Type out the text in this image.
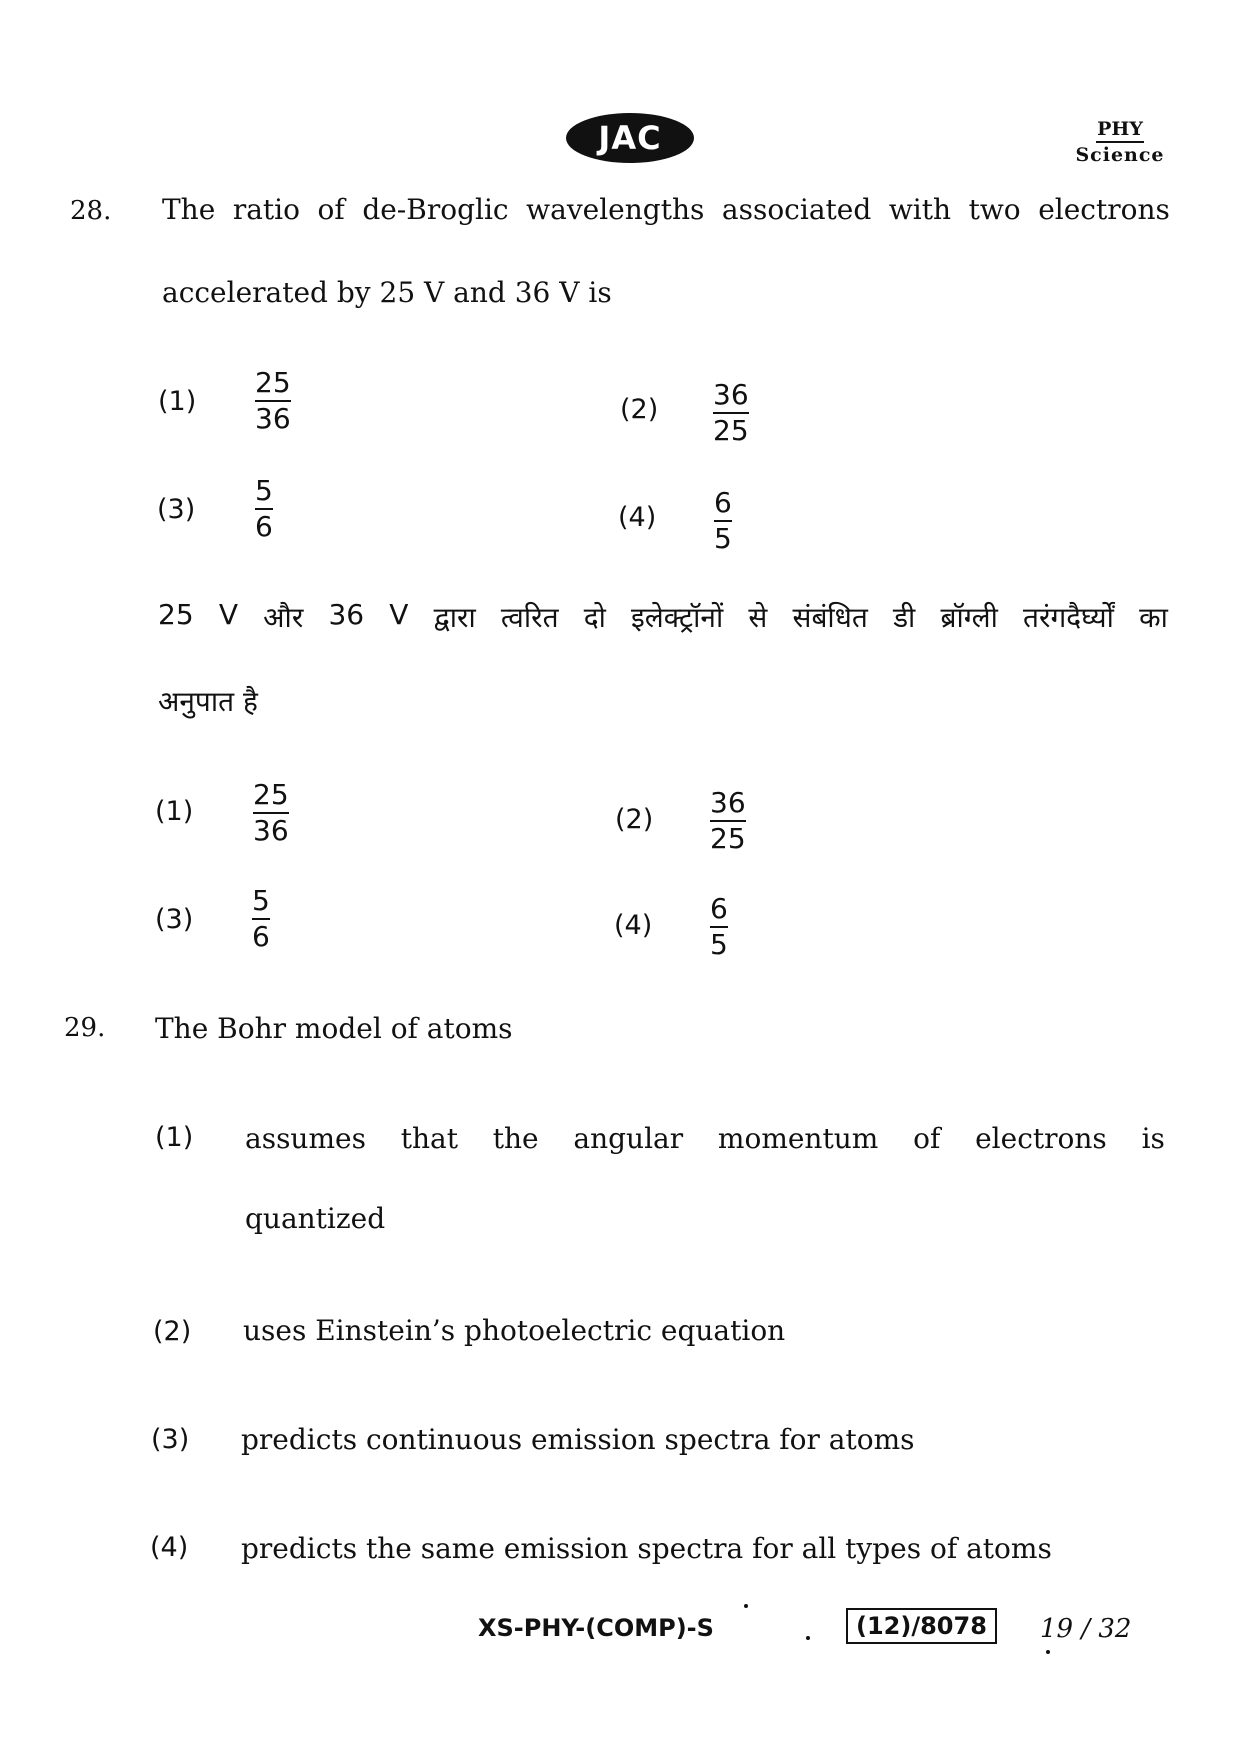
JAC	PHY
Science
28. The ratio of de-Broglic wavelengths associated with two electrons
accelerated by 25 V and 36 V is
(1)
25
36	(2) 36
25
(3)
5
6	(4) 6
5
25 V और 36 V द्वारा त्वरित दो इलेक्ट्रॉनों से संबंधित डी ब्रॉग्ली तरंगदैर्घ्यों का
अनुपात है
(1)
25
36	(2)
36
25
(3)
5
6	(4)
6
5
29. The Bohr model of atoms
(1) assumes that the angular momentum of electrons is
quantized
(2) uses Einstein’s photoelectric equation
(3) predicts continuous emission spectra for atoms
(4) predicts the same emission spectra for all types of atoms
XS-PHY-(COMP)-S	(12)/8078	19 / 32
